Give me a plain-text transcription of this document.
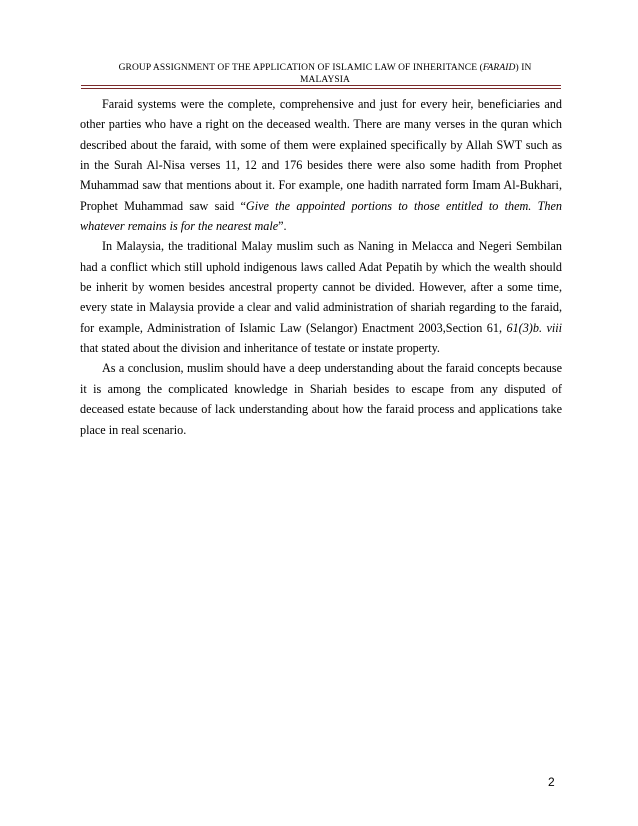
GROUP ASSIGNMENT OF THE APPLICATION OF ISLAMIC LAW OF INHERITANCE (FARAID) IN
MALAYSIA

Faraid systems were the complete, comprehensive and just for every heir, beneficiaries and other parties who have a right on the deceased wealth. There are many verses in the quran which described about the faraid, with some of them were explained specifically by Allah SWT such as in the Surah Al-Nisa verses 11, 12 and 176 besides there were also some hadith from Prophet Muhammad saw that mentions about it. For example, one hadith narrated form Imam Al-Bukhari, Prophet Muhammad saw said “Give the appointed portions to those entitled to them. Then whatever remains is for the nearest male”.

In Malaysia, the traditional Malay muslim such as Naning in Melacca and Negeri Sembilan had a conflict which still uphold indigenous laws called Adat Pepatih by which the wealth should be inherit by women besides ancestral property cannot be divided. However, after a some time, every state in Malaysia provide a clear and valid administration of shariah regarding to the faraid, for example, Administration of Islamic Law (Selangor) Enactment 2003,Section 61, 61(3)b. viii that stated about the division and inheritance of testate or instate property.

As a conclusion, muslim should have a deep understanding about the faraid concepts because it is among the complicated knowledge in Shariah besides to escape from any disputed of deceased estate because of lack understanding about how the faraid process and applications take place in real scenario.

2
